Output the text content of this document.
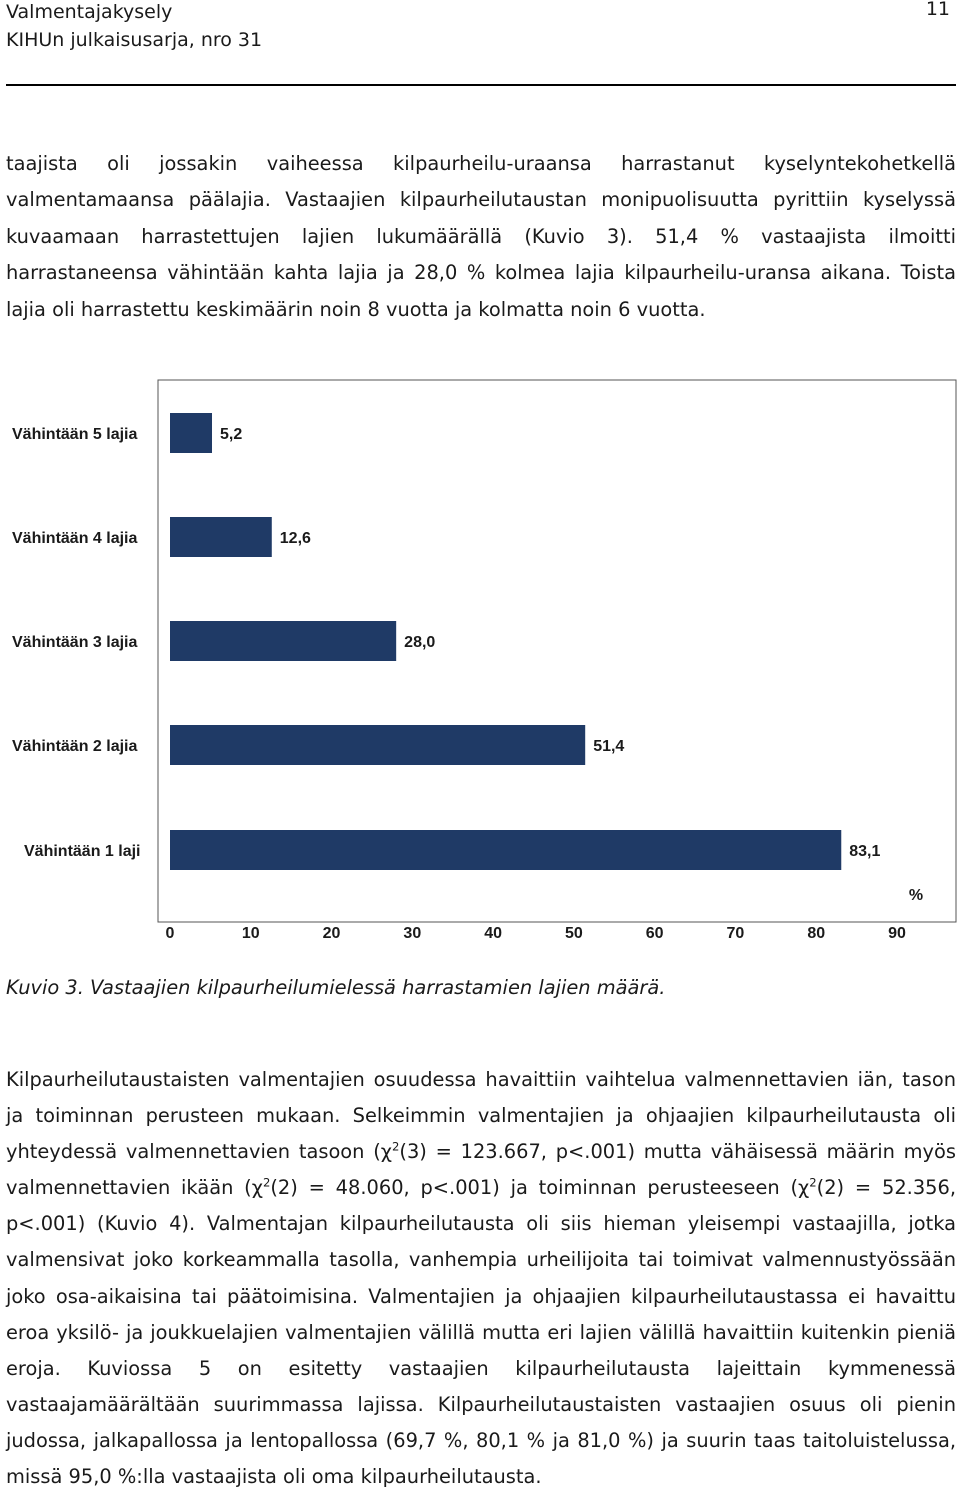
Valmentajakysely
KIHUn julkaisusarja, nro 31
11

taajista oli jossakin vaiheessa kilpaurheilu-uraansa harrastanut kyselyntekohetkellä valmentamaansa päälajia. Vastaajien kilpaurheilutaustan monipuolisuutta pyrittiin kyselyssä kuvaamaan harrastettujen lajien lukumäärällä (Kuvio 3). 51,4 % vastaajista ilmoitti harrastaneensa vähintään kahta lajia ja 28,0 % kolmea lajia kilpaurheilu-uransa aikana. Toista lajia oli harrastettu keskimäärin noin 8 vuotta ja kolmatta noin 6 vuotta.

Vähintään 5 lajia	5,2
Vähintään 4 lajia	12,6
Vähintään 3 lajia	28,0
Vähintään 2 lajia	51,4
Vähintään 1 laji	83,1
0	10	20	30	40	50	60	70	80	90
%
Kuvio 3. Vastaajien kilpaurheilumielessä harrastamien lajien määrä.

Kilpaurheilutaustaisten valmentajien osuudessa havaittiin vaihtelua valmennettavien iän, tason ja toiminnan perusteen mukaan. Selkeimmin valmentajien ja ohjaajien kilpaurheilutausta oli yhteydessä valmennettavien tasoon ($\chi^2(3) = 123.667$, p<.001) mutta vähäisessä määrin myös valmennettavien ikään ($\chi^2(2) = 48.060$, p<.001) ja toiminnan perusteeseen ($\chi^2(2) = 52.356$, p<.001) (Kuvio 4). Valmentajan kilpaurheilutausta oli siis hieman yleisempi vastaajilla, jotka valmensivat joko korkeammalla tasolla, vanhempia urheilijoita tai toimivat valmennustyössään joko osa-aikaisina tai päätoimisina. Valmentajien ja ohjaajien kilpaurheilutaustassa ei havaittu eroa yksilö- ja joukkuelajien valmentajien välillä mutta eri lajien välillä havaittiin kuitenkin pieniä eroja. Kuviossa 5 on esitetty vastaajien kilpaurheilutausta lajeittain kymmenessä vastaajamäärältään suurimmassa lajissa. Kilpaurheilutaustaisten vastaajien osuus oli pienin judossa, jalkapallossa ja lentopallossa (69,7 %, 80,1 % ja 81,0 %) ja suurin taas taitoluistelussa, missä 95,0 %:lla vastaajista oli oma kilpaurheilutausta.
